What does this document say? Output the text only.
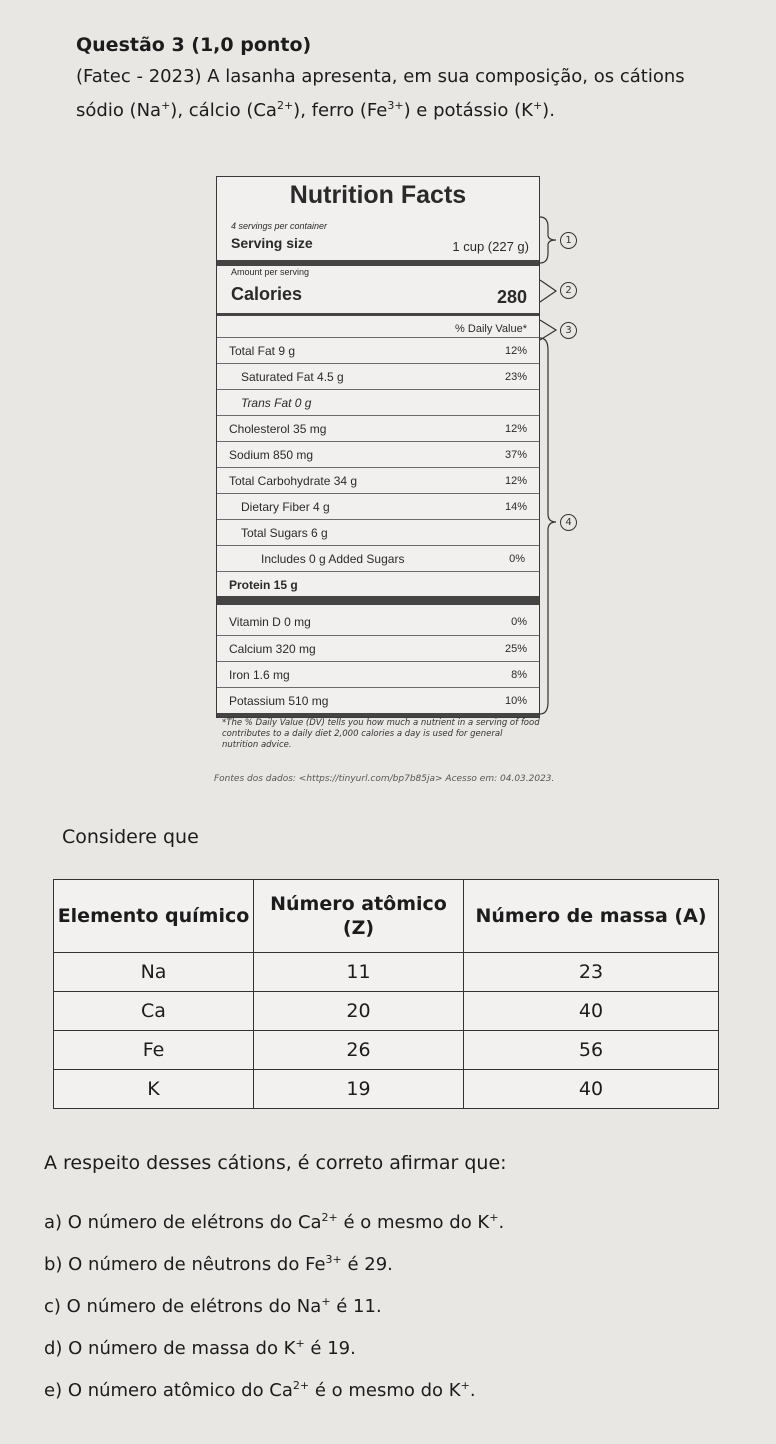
Questão 3 (1,0 ponto)
(Fatec - 2023) A lasanha apresenta, em sua composição, os cátions sódio (Na+), cálcio $(Ca^{2+})$, ferro $(Fe^{3+})$ e potássio (K+).
Nutrition Facts
4 servings per container
Serving size	1 cup (227 g)
Amount per serving
Calories	280
% Daily Value*
Total Fat 9 g	12%
Saturated Fat 4.5 g	23%
Trans Fat 0 g
Cholesterol 35 mg	12%
Sodium 850 mg	37%
Total Carbohydrate 34 g	12%
Dietary Fiber 4 g	14%
Total Sugars 6 g
Includes 0 g Added Sugars	0%
Protein 15 g
Vitamin D 0 mg	0%
Calcium 320 mg	25%
Iron 1.6 mg	8%
Potassium 510 mg	10%
*The % Daily Value (DV) tells you how much a nutrient in a serving of food contributes to a daily diet 2,000 calories a day is used for general nutrition advice.
1
2
3
4
Fontes dos dados: <https://tinyurl.com/bp7b85ja> Acesso em: 04.03.2023.
Considere que
Elemento químico	Número atômico (Z)	Número de massa (A)
Na	11	23
Ca	20	40
Fe	26	56
K	19	40
A respeito desses cátions, é correto afirmar que:
a) O número de elétrons do $Ca^{2+}$ é o mesmo do K+.
b) O número de nêutrons do $Fe^{3+}$ é 29.
c) O número de elétrons do Na+ é 11.
d) O número de massa do K+ é 19.
e) O número atômico do $Ca^{2+}$ é o mesmo do K+.
